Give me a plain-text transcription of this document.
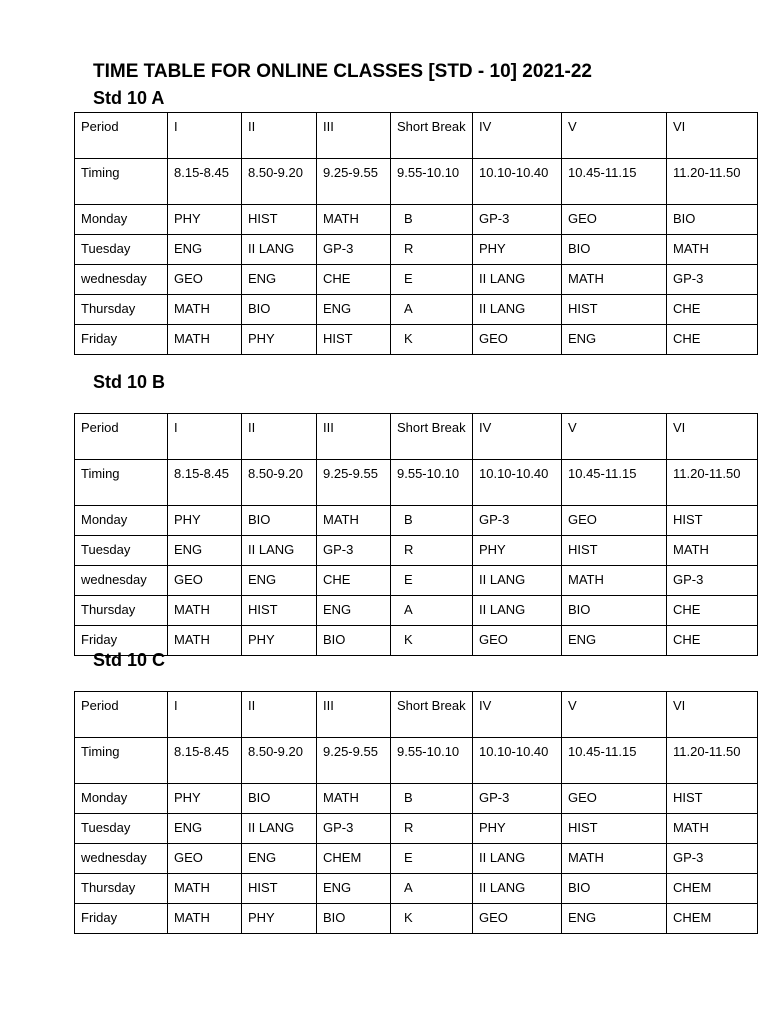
TIME TABLE FOR ONLINE CLASSES [STD - 10] 2021-22
Std 10 A
Period	I	II	III	Short Break	IV	V	VI
Timing	8.15-8.45	8.50-9.20	9.25-9.55	9.55-10.10	10.10-10.40	10.45-11.15	11.20-11.50
Monday	PHY	HIST	MATH	B	GP-3	GEO	BIO
Tuesday	ENG	II LANG	GP-3	R	PHY	BIO	MATH
wednesday	GEO	ENG	CHE	E	II LANG	MATH	GP-3
Thursday	MATH	BIO	ENG	A	II LANG	HIST	CHE
Friday	MATH	PHY	HIST	K	GEO	ENG	CHE
Std 10 B
Period	I	II	III	Short Break	IV	V	VI
Timing	8.15-8.45	8.50-9.20	9.25-9.55	9.55-10.10	10.10-10.40	10.45-11.15	11.20-11.50
Monday	PHY	BIO	MATH	B	GP-3	GEO	HIST
Tuesday	ENG	II LANG	GP-3	R	PHY	HIST	MATH
wednesday	GEO	ENG	CHE	E	II LANG	MATH	GP-3
Thursday	MATH	HIST	ENG	A	II LANG	BIO	CHE
Friday	MATH	PHY	BIO	K	GEO	ENG	CHE
Std 10 C
Period	I	II	III	Short Break	IV	V	VI
Timing	8.15-8.45	8.50-9.20	9.25-9.55	9.55-10.10	10.10-10.40	10.45-11.15	11.20-11.50
Monday	PHY	BIO	MATH	B	GP-3	GEO	HIST
Tuesday	ENG	II LANG	GP-3	R	PHY	HIST	MATH
wednesday	GEO	ENG	CHEM	E	II LANG	MATH	GP-3
Thursday	MATH	HIST	ENG	A	II LANG	BIO	CHEM
Friday	MATH	PHY	BIO	K	GEO	ENG	CHEM
